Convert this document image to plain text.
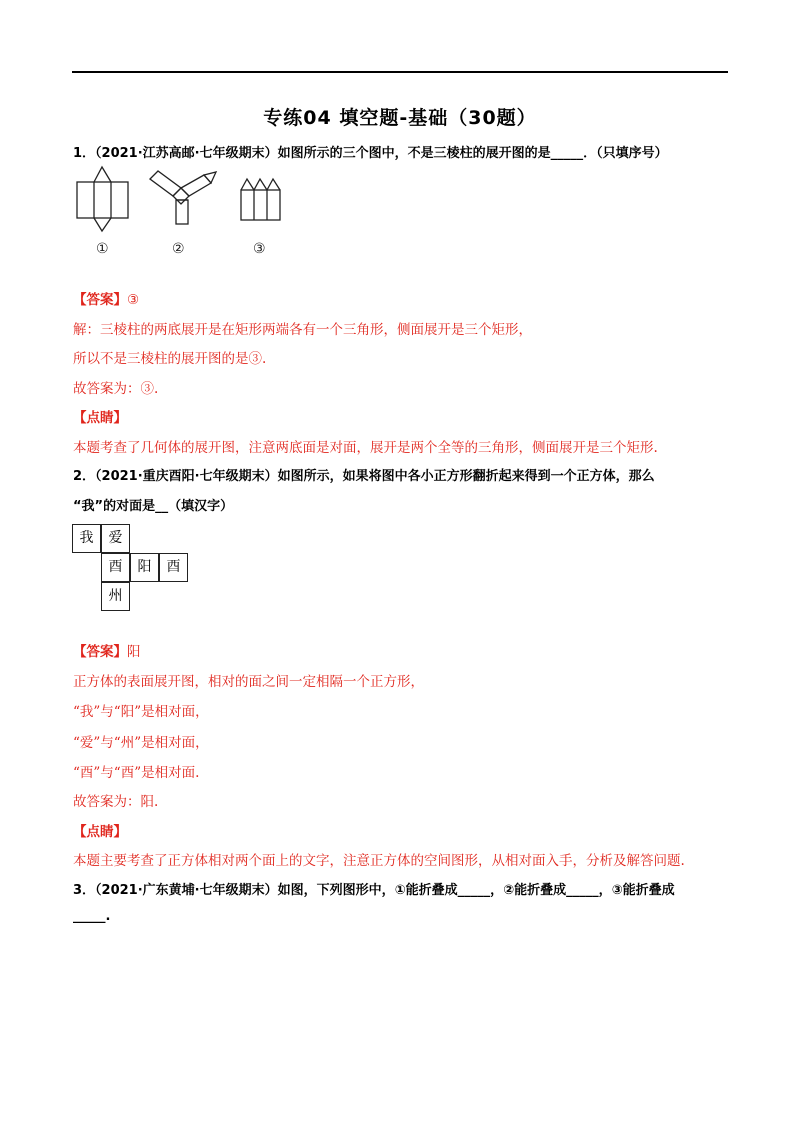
专练04 填空题-基础（30题）
1．（2021·江苏高邮·七年级期末）如图所示的三个图中，不是三棱柱的展开图的是_____．（只填序号）
①	②	③
【答案】③
解：三棱柱的两底展开是在矩形两端各有一个三角形，侧面展开是三个矩形，
所以不是三棱柱的展开图的是③.
故答案为：③.
【点睛】
本题考查了几何体的展开图，注意两底面是对面，展开是两个全等的三角形，侧面展开是三个矩形.
2．（2021·重庆酉阳·七年级期末）如图所示，如果将图中各小正方形翻折起来得到一个正方体，那么
“我”的对面是__（填汉字）
我	爱
酉	阳	酉
州
【答案】阳
正方体的表面展开图，相对的面之间一定相隔一个正方形，
“我”与“阳”是相对面，
“爱”与“州”是相对面，
“酉”与“酉”是相对面.
故答案为：阳.
【点睛】
本题主要考查了正方体相对两个面上的文字，注意正方体的空间图形，从相对面入手，分析及解答问题.
3．（2021·广东黄埔·七年级期末）如图，下列图形中，①能折叠成_____，②能折叠成_____，③能折叠成
_____.
